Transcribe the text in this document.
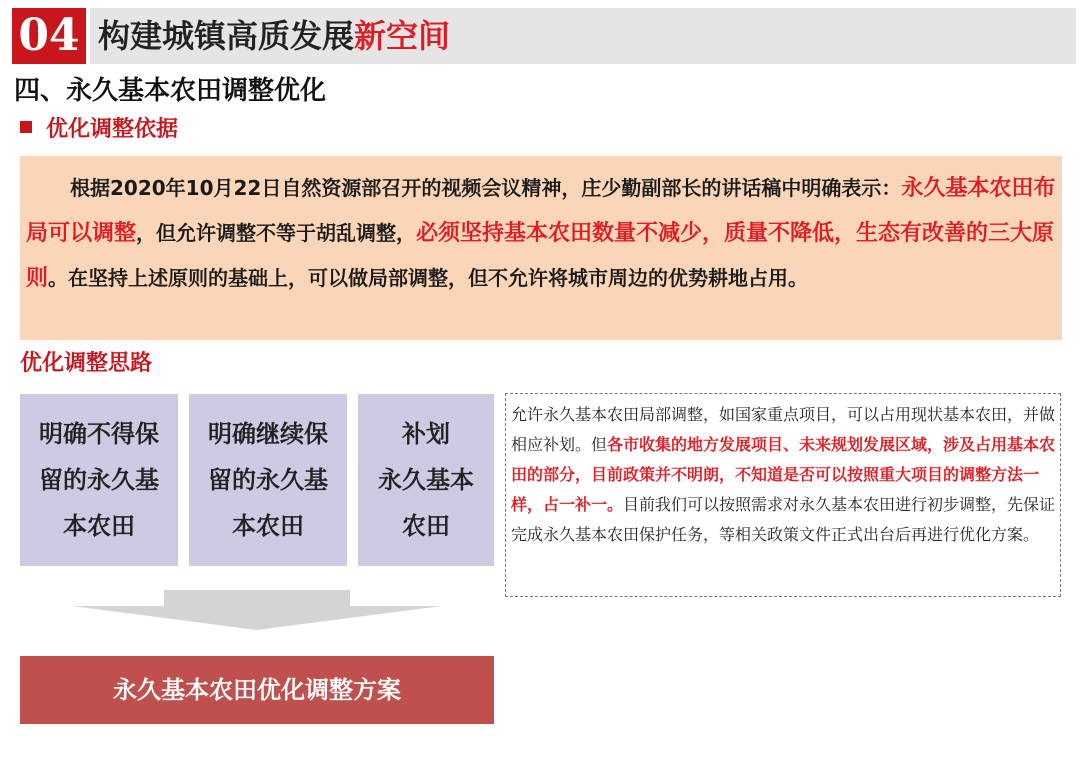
04 构建城镇高质发展新空间
四、永久基本农田调整优化
优化调整依据
根据2020年10月22日自然资源部召开的视频会议精神，庄少勤副部长的讲话稿中明确表示：永久基本农田布局可以调整，但允许调整不等于胡乱调整，必须坚持基本农田数量不减少，质量不降低，生态有改善的三大原则。在坚持上述原则的基础上，可以做局部调整，但不允许将城市周边的优势耕地占用。
优化调整思路
明确不得保
留的永久基
本农田
明确继续保
留的永久基
本农田
补划
永久基本
农田
允许永久基本农田局部调整，如国家重点项目，可以占用现状基本农田，并做相应补划。但各市收集的地方发展项目、未来规划发展区域，涉及占用基本农田的部分，目前政策并不明朗，不知道是否可以按照重大项目的调整方法一样，占一补一。目前我们可以按照需求对永久基本农田进行初步调整，先保证完成永久基本农田保护任务，等相关政策文件正式出台后再进行优化方案。
永久基本农田优化调整方案
